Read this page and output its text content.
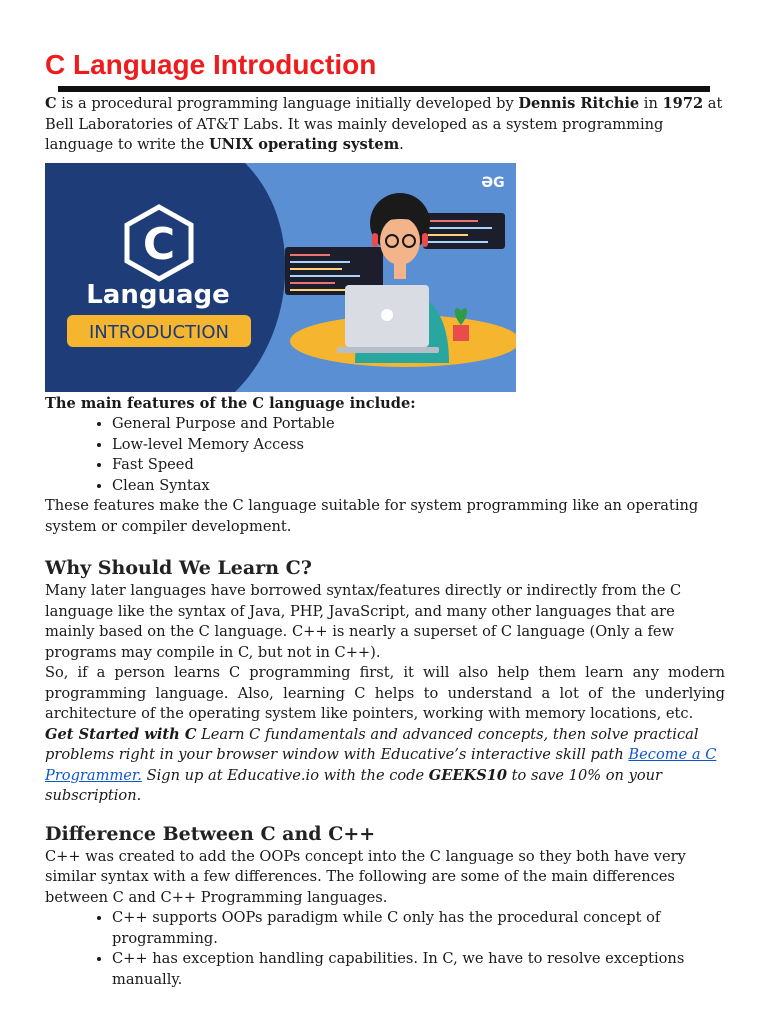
C Language Introduction

C is a procedural programming language initially developed by Dennis Ritchie in 1972 at Bell Laboratories of AT&T Labs. It was mainly developed as a system programming language to write the UNIX operating system.

C
Language
INTRODUCTION
ƏG

The main features of the C language include:

• General Purpose and Portable
• Low-level Memory Access
• Fast Speed
• Clean Syntax

These features make the C language suitable for system programming like an operating system or compiler development.

Why Should We Learn C?

Many later languages have borrowed syntax/features directly or indirectly from the C language like the syntax of Java, PHP, JavaScript, and many other languages that are mainly based on the C language. C++ is nearly a superset of C language (Only a few programs may compile in C, but not in C++).

So, if a person learns C programming first, it will also help them learn any modern programming language. Also, learning C helps to understand a lot of the underlying architecture of the operating system like pointers, working with memory locations, etc.

Get Started with C Learn C fundamentals and advanced concepts, then solve practical problems right in your browser window with Educative’s interactive skill path Become a C Programmer. Sign up at Educative.io with the code GEEKS10 to save 10% on your subscription.

Difference Between C and C++

C++ was created to add the OOPs concept into the C language so they both have very similar syntax with a few differences. The following are some of the main differences between C and C++ Programming languages.

• C++ supports OOPs paradigm while C only has the procedural concept of programming.
• C++ has exception handling capabilities. In C, we have to resolve exceptions manually.
